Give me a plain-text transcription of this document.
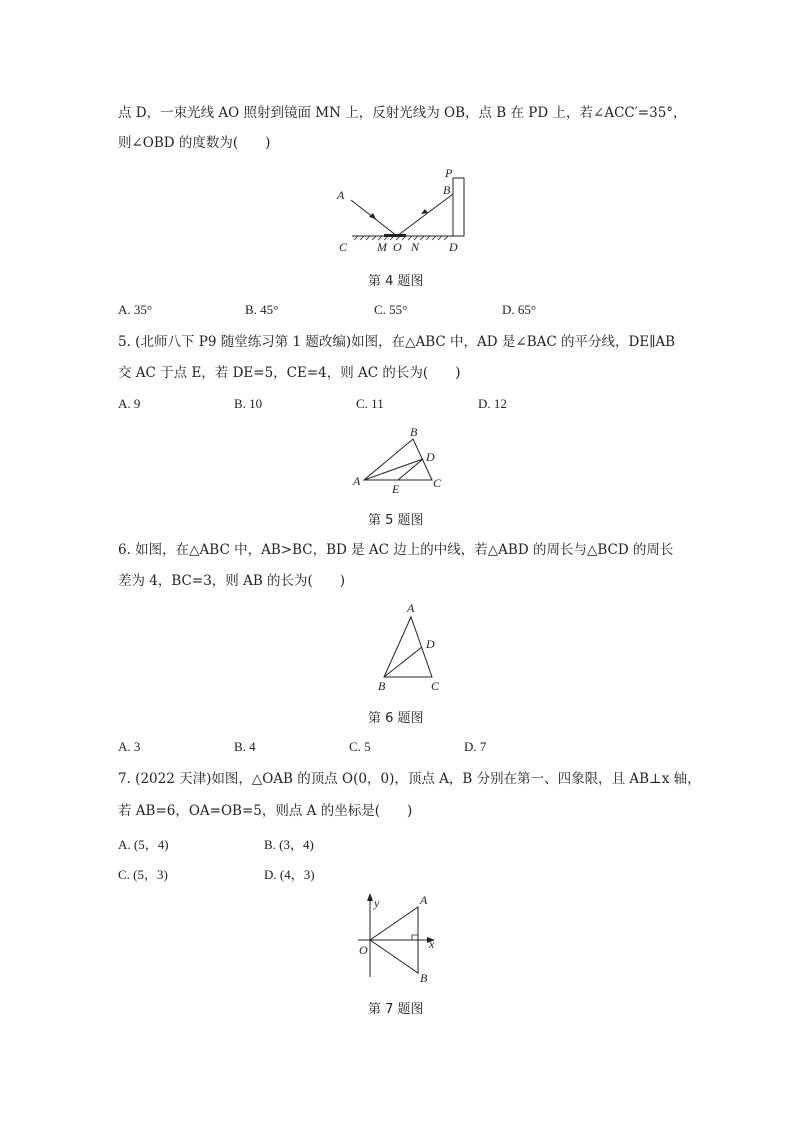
点 D，一束光线 AO 照射到镜面 MN 上，反射光线为 OB，点 B 在 PD 上，若∠ACC′=35°，
则∠OBD 的度数为(　　)
A	B
P
C M O N D
第 4 题图
A. 35°	B. 45°	C. 55°	D. 65°
5. (北师八下 P9 随堂练习第 1 题改编)如图，在△ABC 中，AD 是∠BAC 的平分线，DE∥AB
交 AC 于点 E，若 DE=5，CE=4，则 AC 的长为(　　)
A. 9	B. 10	C. 11	D. 12
B
D
A
E	C
第 5 题图
6. 如图，在△ABC 中，AB>BC，BD 是 AC 边上的中线，若△ABD 的周长与△BCD 的周长
差为 4，BC=3，则 AB 的长为(　　)
A
D
B	C
第 6 题图
A. 3	B. 4	C. 5	D. 7
7. (2022 天津)如图，△OAB 的顶点 O(0，0)，顶点 A，B 分别在第一、四象限，且 AB⊥x 轴，
若 AB=6，OA=OB=5，则点 A 的坐标是(　　)
A. (5，4)	B. (3，4)
C. (5，3)	D. (4，3)
y
x
O
A
B
第 7 题图
